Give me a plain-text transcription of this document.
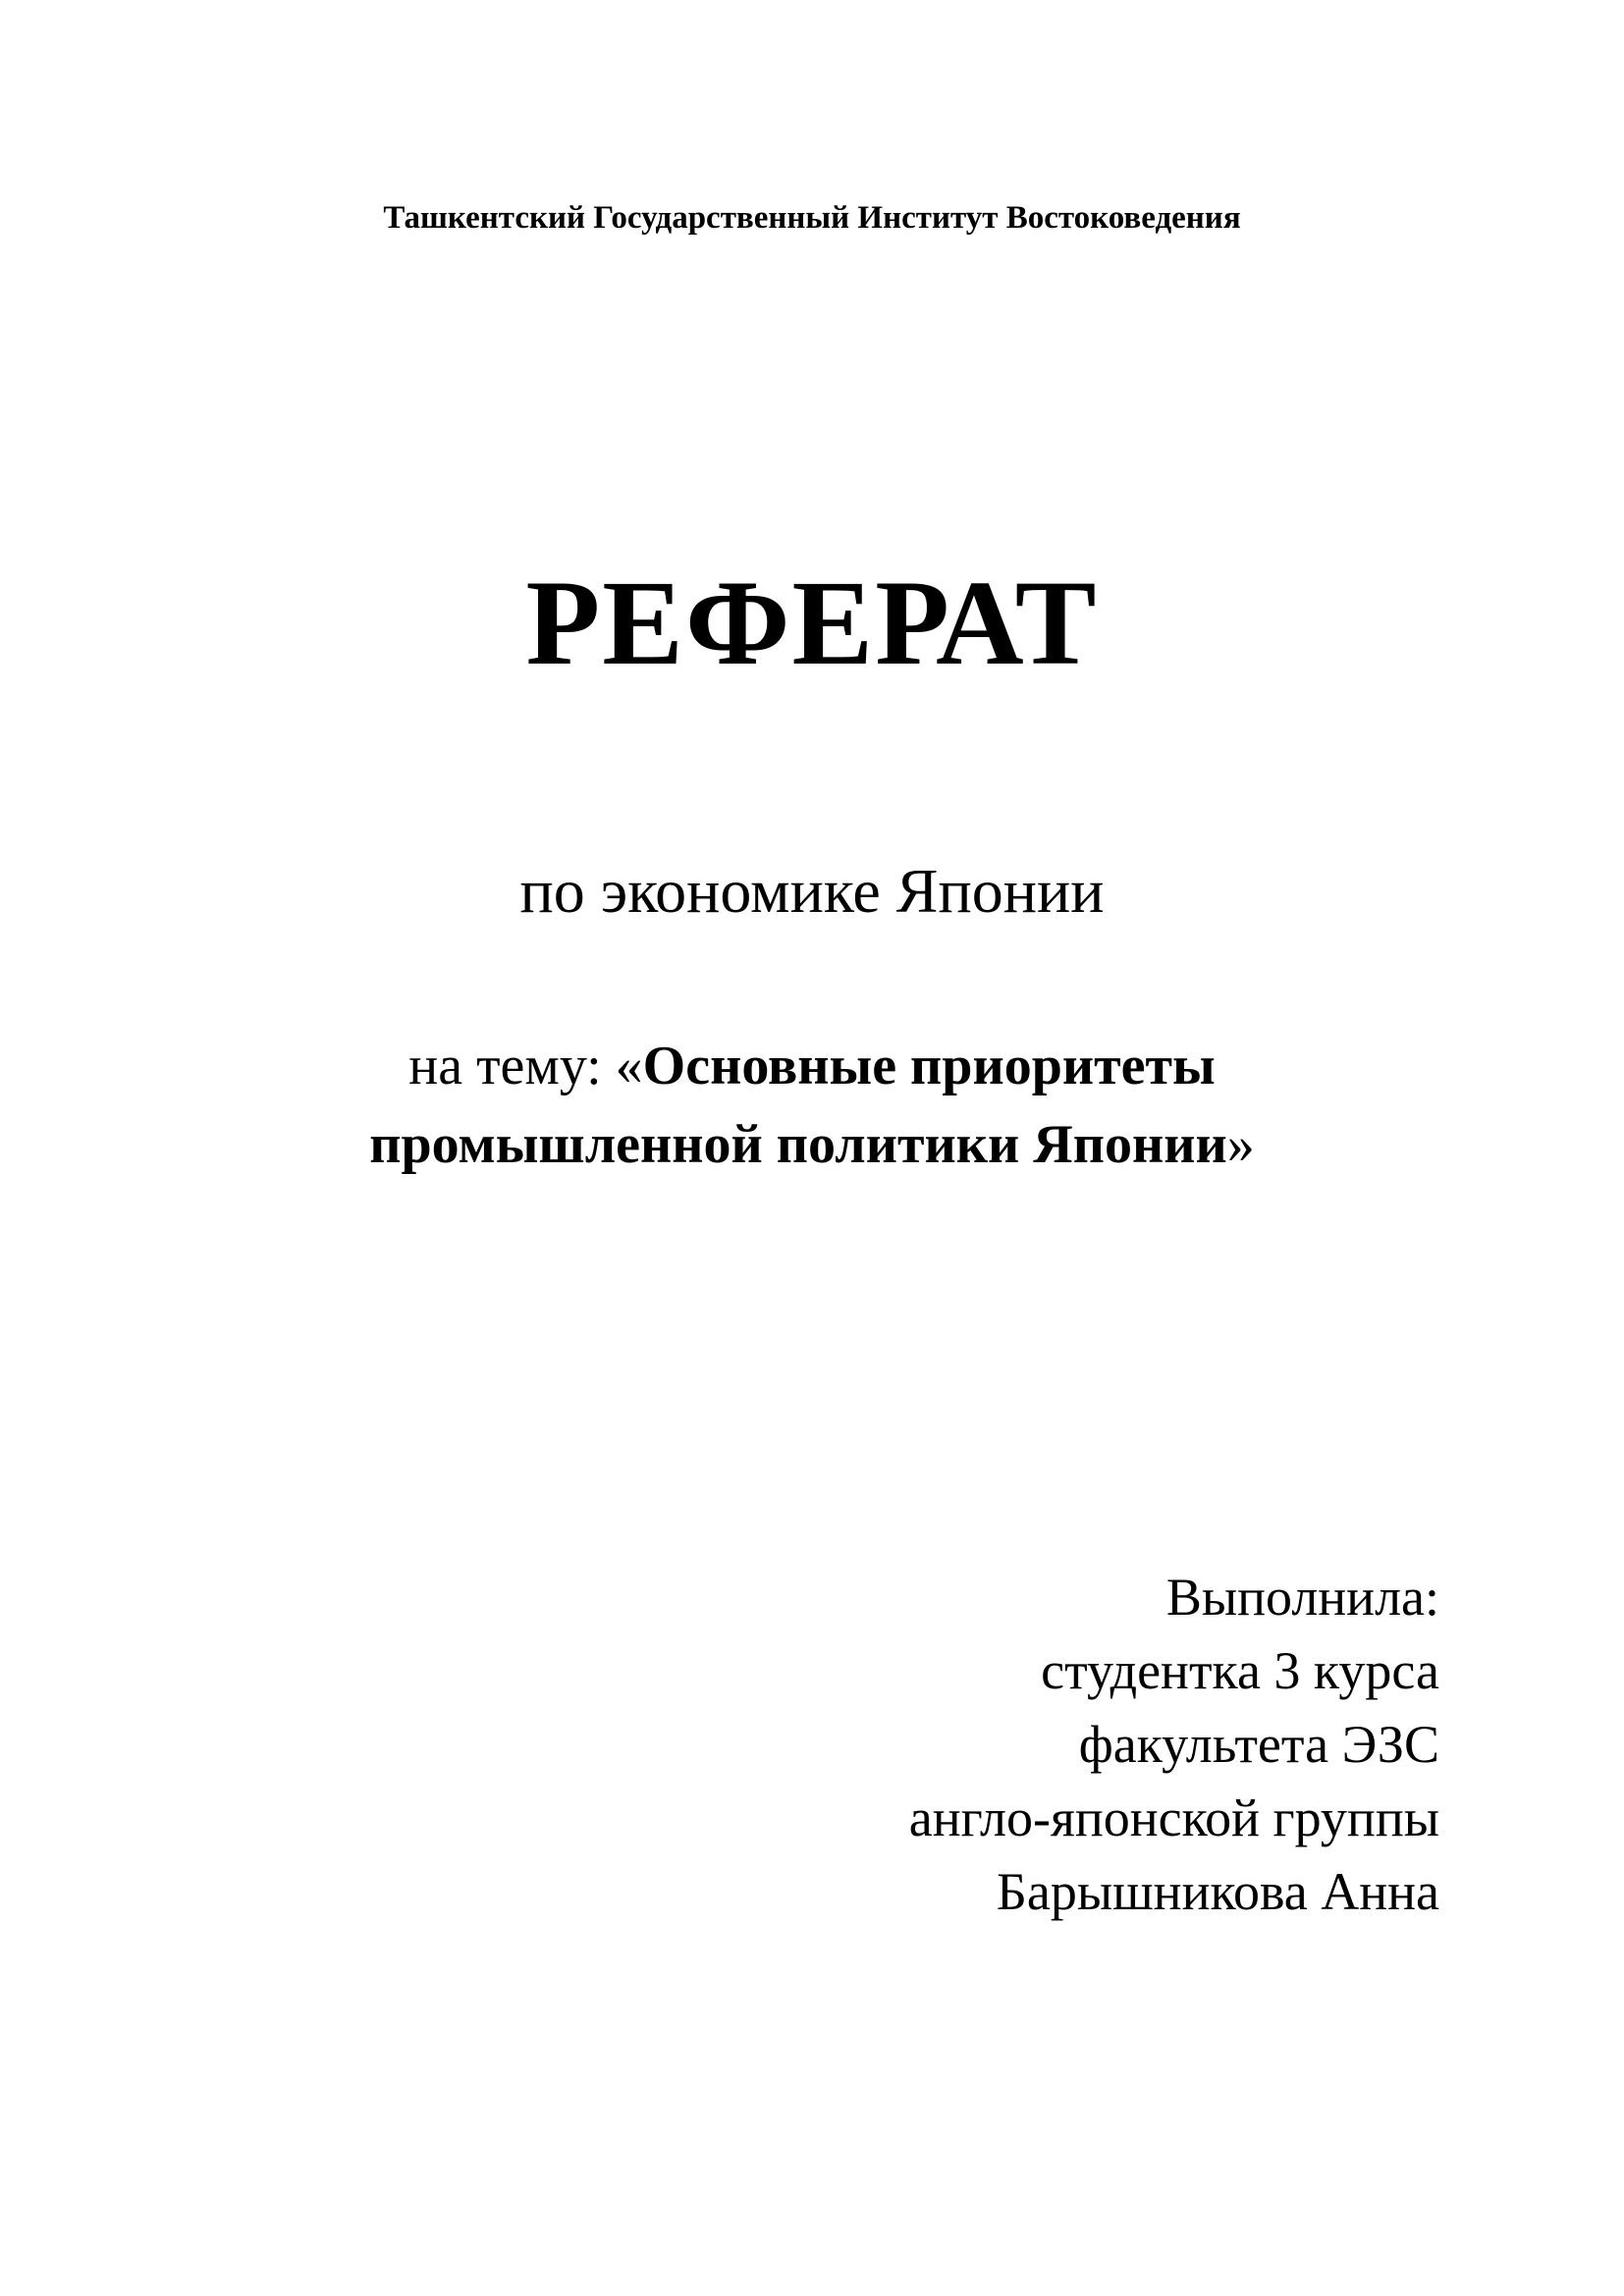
Ташкентский Государственный Институт Востоковедения
РЕФЕРАТ
по экономике Японии
на тему: «Основные приоритеты
промышленной политики Японии»
Выполнила:
студентка 3 курса
факультета ЭЗС
англо-японской группы
Барышникова Анна
